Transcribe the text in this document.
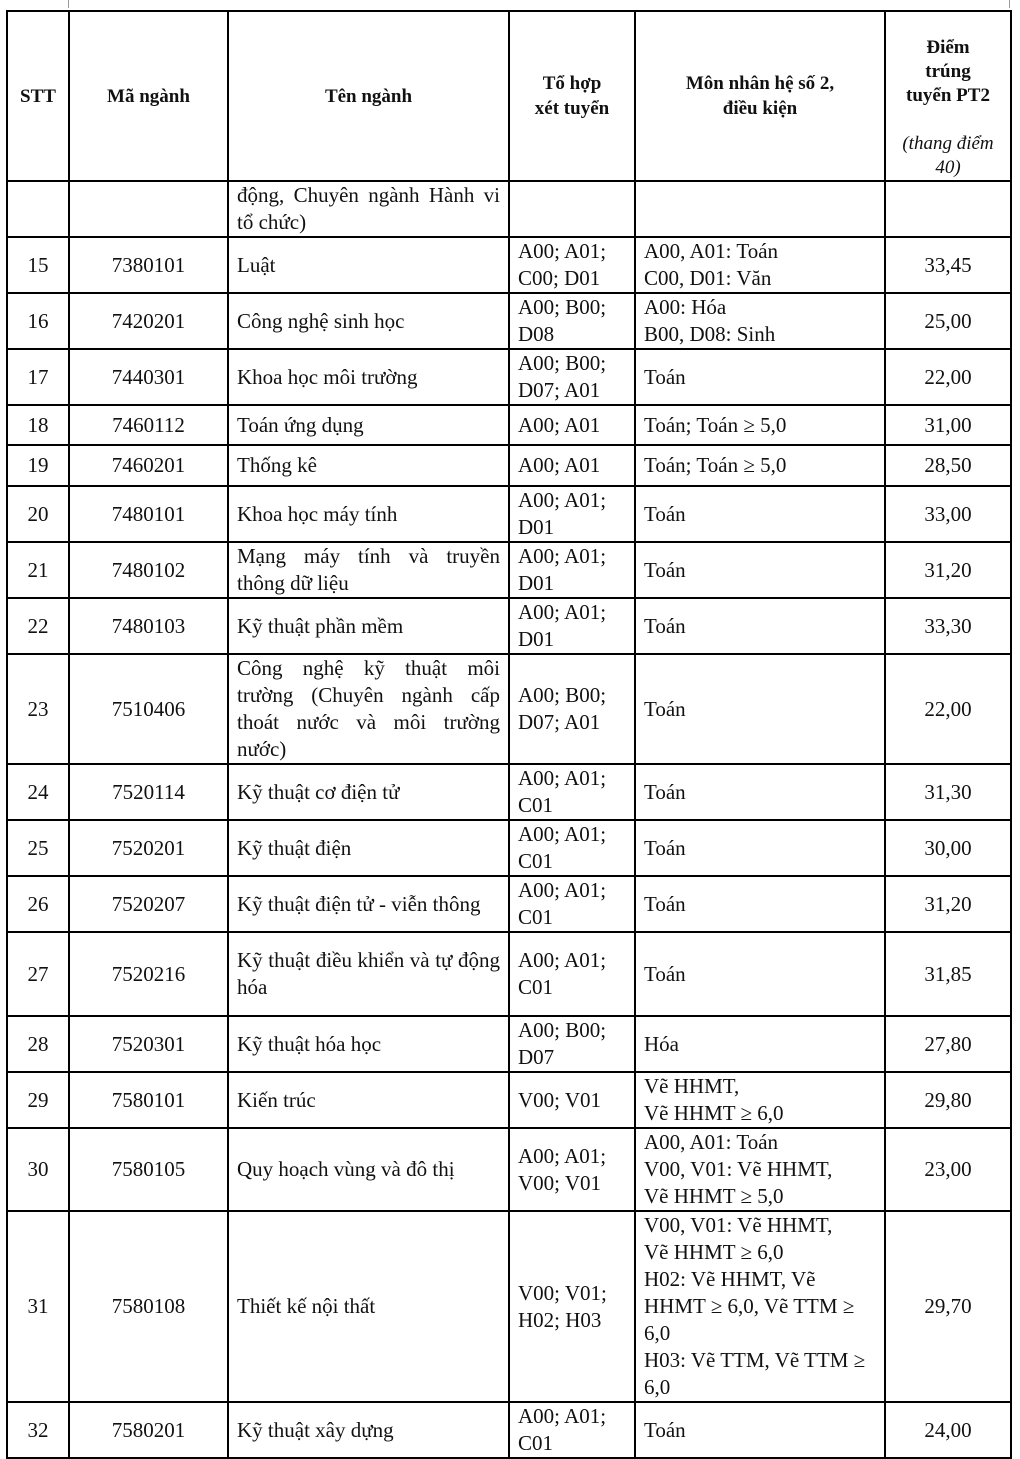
STT	Mã ngành	Tên ngành	Tổ hợp
xét tuyển	Môn nhân hệ số 2,
điều kiện	Điểm
trúng
tuyển PT2

(thang điểm
40)

		động, Chuyên ngành Hành vi tổ chức)			
15	7380101	Luật	A00; A01; C00; D01	A00, A01: Toán
C00, D01: Văn	33,45
16	7420201	Công nghệ sinh học	A00; B00; D08	A00: Hóa
B00, D08: Sinh	25,00
17	7440301	Khoa học môi trường	A00; B00; D07; A01	Toán	22,00
18	7460112	Toán ứng dụng	A00; A01	Toán; Toán ≥ 5,0	31,00
19	7460201	Thống kê	A00; A01	Toán; Toán ≥ 5,0	28,50
20	7480101	Khoa học máy tính	A00; A01; D01	Toán	33,00
21	7480102	Mạng máy tính và truyền thông dữ liệu	A00; A01; D01	Toán	31,20
22	7480103	Kỹ thuật phần mềm	A00; A01; D01	Toán	33,30
23	7510406	Công nghệ kỹ thuật môi trường (Chuyên ngành cấp thoát nước và môi trường nước)	A00; B00; D07; A01	Toán	22,00
24	7520114	Kỹ thuật cơ điện tử	A00; A01; C01	Toán	31,30
25	7520201	Kỹ thuật điện	A00; A01; C01	Toán	30,00
26	7520207	Kỹ thuật điện tử - viễn thông	A00; A01; C01	Toán	31,20
27	7520216	Kỹ thuật điều khiển và tự động hóa	A00; A01; C01	Toán	31,85
28	7520301	Kỹ thuật hóa học	A00; B00; D07	Hóa	27,80
29	7580101	Kiến trúc	V00; V01	Vẽ HHMT,
Vẽ HHMT ≥ 6,0	29,80
30	7580105	Quy hoạch vùng và đô thị	A00; A01; V00; V01	A00, A01: Toán
V00, V01: Vẽ HHMT,
Vẽ HHMT ≥ 5,0	23,00
31	7580108	Thiết kế nội thất	V00; V01; H02; H03	V00, V01: Vẽ HHMT,
Vẽ HHMT ≥ 6,0
H02: Vẽ HHMT, Vẽ HHMT ≥ 6,0, Vẽ TTM ≥ 6,0
H03: Vẽ TTM, Vẽ TTM ≥ 6,0	29,70
32	7580201	Kỹ thuật xây dựng	A00; A01; C01	Toán	24,00
